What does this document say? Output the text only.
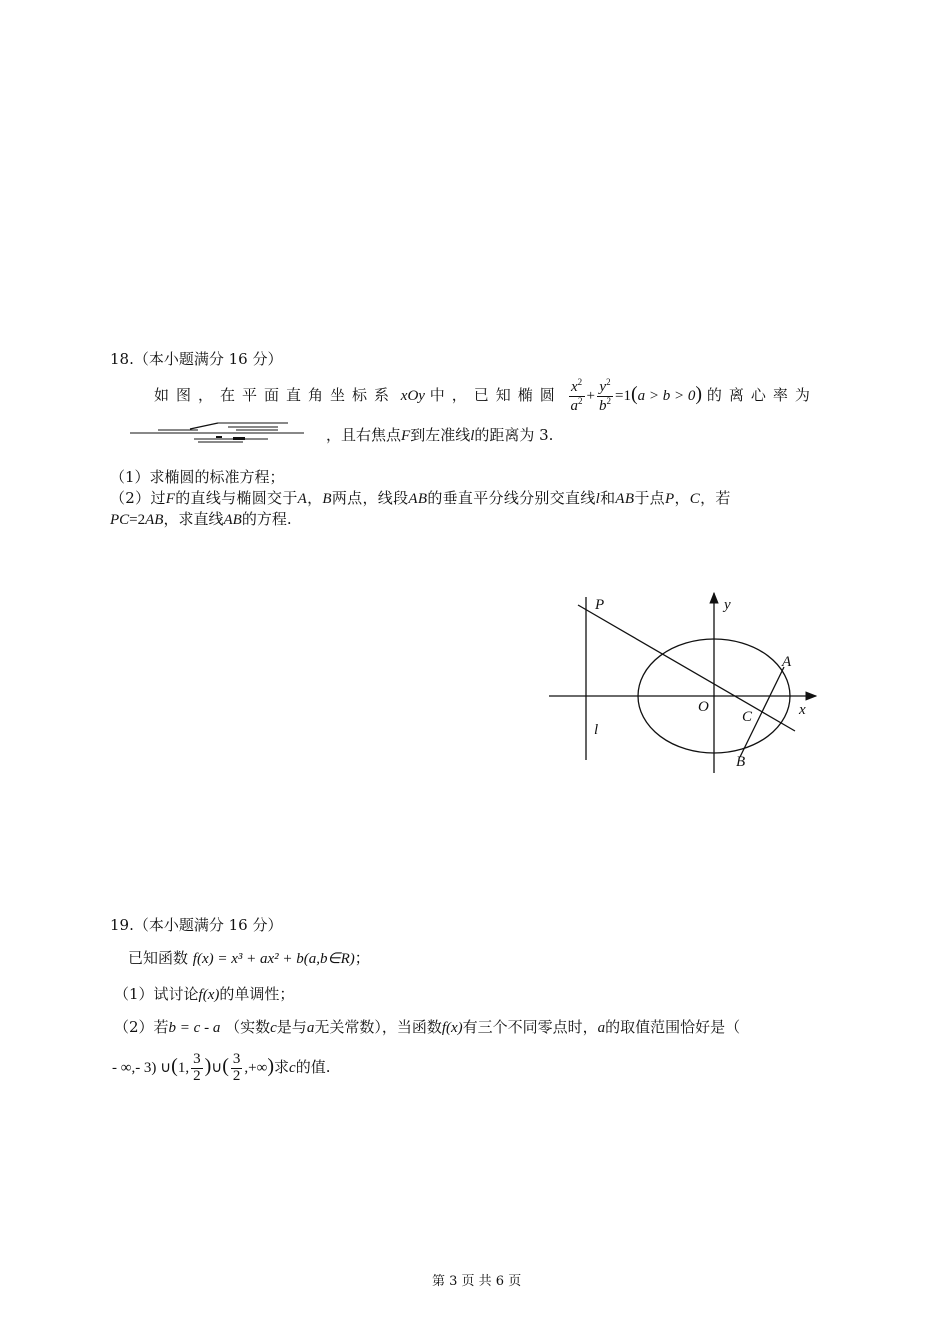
18.（本小题满分 16 分）
如图，在平面直角坐标系 xOy 中，已知椭圆 $\frac{x^2}{a^2} + \frac{y^2}{b^2} =1(a > b > 0)$ 的离心率为
，且右焦点F到左准线l的距离为 3.
（1）求椭圆的标准方程；
（2）过F的直线与椭圆交于A，B两点，线段AB的垂直平分线分别交直线l和AB于点P，C，若
PC=2AB，求直线AB的方程.
P	y
A
O
C	x
l
B
19.（本小题满分 16 分）
已知函数 f(x) = x³ + ax² + b(a,b∈R)；
（1）试讨论f(x)的单调性；
（2）若b = c - a （实数c是与a无关常数），当函数f(x)有三个不同零点时，a的取值范围恰好是（
- ∞,- 3) ∪(1, $\frac{3}{2}$ )∪( $\frac{3}{2}$ ,+∞)求c的值.
第 3 页 共 6 页
